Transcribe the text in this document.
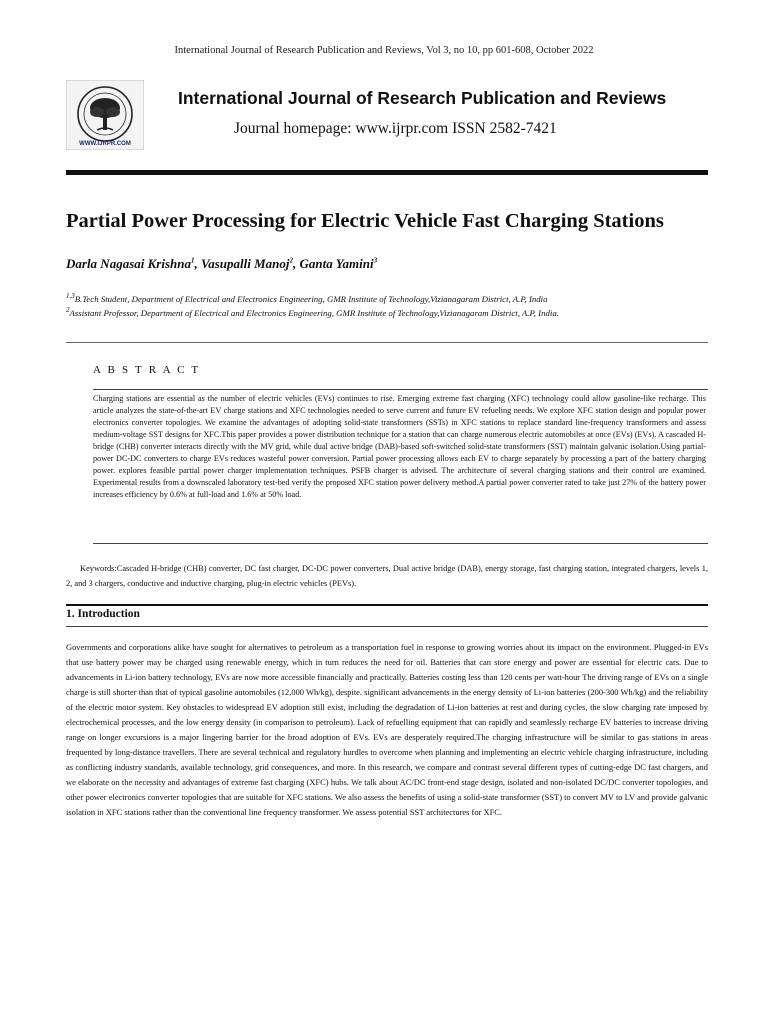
International Journal of Research Publication and Reviews, Vol 3, no 10, pp 601-608, October 2022
WWW.IJRPR.COM
International Journal of Research Publication and Reviews
Journal homepage: www.ijrpr.com ISSN 2582-7421
Partial Power Processing for Electric Vehicle Fast Charging Stations
Darla Nagasai Krishna$^1$, Vasupalli Manoj$^2$, Ganta Yamini$^3$
$^{1,3}$B.Tech Student, Department of Electrical and Electronics Engineering, GMR Institute of Technology,Vizianagaram District, A.P, India
$^2$Assistant Professor, Department of Electrical and Electronics Engineering, GMR Institute of Technology,Vizianagaram District, A.P, India.
A B S T R A C T
Charging stations are essential as the number of electric vehicles (EVs) continues to rise. Emerging extreme fast charging (XFC) technology could allow gasoline-like recharge. This article analyzes the state-of-the-art EV charge stations and XFC technologies needed to serve current and future EV refueling needs. We explore XFC station design and popular power electronics converter topologies. We examine the advantages of adopting solid-state transformers (SSTs) in XFC stations to replace standard line-frequency transformers and assess medium-voltage SST designs for XFC.This paper provides a power distribution technique for a station that can charge numerous electric automobiles at once (EVs) (EVs). A cascaded H-bridge (CHB) converter interacts directly with the MV grid, while dual active bridge (DAB)-based soft-switched solid-state transformers (SST) maintain galvanic isolation.Using partial-power DC-DC converters to charge EVs reduces wasteful power conversion. Partial power processing allows each EV to charge separately by processing a part of the battery charging power. explores feasible partial power charger implementation techniques. PSFB charger is advised. The architecture of several charging stations and their control are examined. Experimental results from a downscaled laboratory test-bed verify the proposed XFC station power delivery method.A partial power converter rated to take just 27% of the battery power increases efficiency by 0.6% at full-load and 1.6% at 50% load.
Keywords:Cascaded H-bridge (CHB) converter, DC fast charger, DC-DC power converters, Dual active bridge (DAB), energy storage, fast charging station, integrated chargers, levels 1, 2, and 3 chargers, conductive and inductive charging, plug-in electric vehicles (PEVs).
1. Introduction
Governments and corporations alike have sought for alternatives to petroleum as a transportation fuel in response to growing worries about its impact on the environment. Plugged-in EVs that use battery power may be charged using renewable energy, which in turn reduces the need for oil. Batteries that can store energy and power are essential for electric cars. Due to advancements in Li-ion battery technology, EVs are now more accessible financially and practically. Batteries costing less than 120 cents per watt-hour The driving range of EVs on a single charge is still shorter than that of typical gasoline automobiles (12,000 Wh/kg), despite. significant advancements in the energy density of Li-ion batteries (200-300 Wh/kg) and the reliability of the electric motor system. Key obstacles to widespread EV adoption still exist, including the degradation of Li-ion batteries at rest and during cycles, the slow charging rate imposed by electrochemical processes, and the low energy density (in comparison to petroleum). Lack of refuelling equipment that can rapidly and seamlessly recharge EV batteries to increase driving range on longer excursions is a major lingering barrier for the broad adoption of EVs. EVs are desperately required.The charging infrastructure will be similar to gas stations in areas frequented by long-distance travellers. There are several technical and regulatory hurdles to overcome when planning and implementing an electric vehicle charging infrastructure, including as conflicting industry standards, available technology, grid consequences, and more. In this research, we compare and contrast several different types of cutting-edge DC fast chargers, and we elaborate on the necessity and advantages of extreme fast charging (XFC) hubs. We talk about AC/DC front-end stage design, isolated and non-isolated DC/DC converter topologies, and other power electronics converter topologies that are suitable for XFC stations. We also assess the benefits of using a solid-state transformer (SST) to convert MV to LV and provide galvanic isolation in XFC stations rather than the conventional line frequency transformer. We assess potential SST architectures for XFC.
